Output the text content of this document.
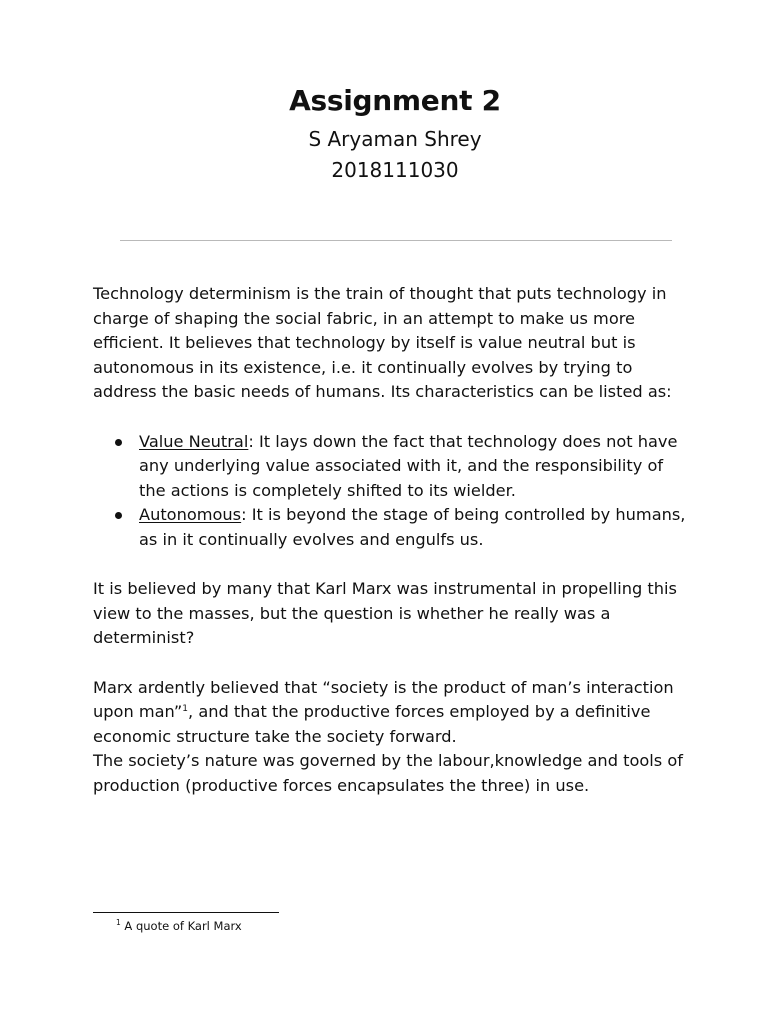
Assignment 2
S Aryaman Shrey
2018111030

Technology determinism is the train of thought that puts technology in charge of shaping the social fabric, in an attempt to make us more efficient. It believes that technology by itself is value neutral but is autonomous in its existence, i.e. it continually evolves by trying to address the basic needs of humans. Its characteristics can be listed as:

Value Neutral: It lays down the fact that technology does not have any underlying value associated with it, and the responsibility of the actions is completely shifted to its wielder.
Autonomous: It is beyond the stage of being controlled by humans, as in it continually evolves and engulfs us.

It is believed by many that Karl Marx was instrumental in propelling this view to the masses, but the question is whether he really was a determinist?

Marx ardently believed that “society is the product of man’s interaction upon man”$^1$, and that the productive forces employed by a definitive economic structure take the society forward.

The society’s nature was governed by the labour,knowledge and tools of production (productive forces encapsulates the three) in use.

$^1$ A quote of Karl Marx
